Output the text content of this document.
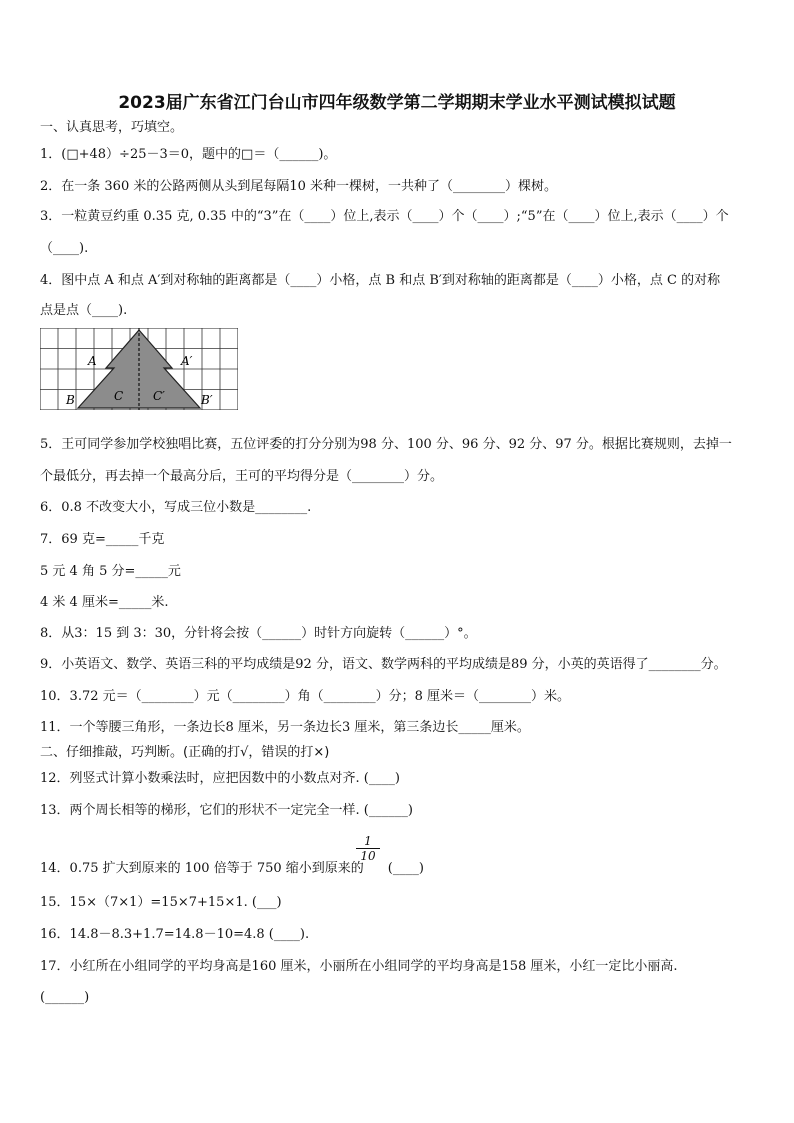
2023届广东省江门台山市四年级数学第二学期期末学业水平测试模拟试题
一、认真思考，巧填空。
1．(□+48）÷25－3＝0，题中的□＝（______)。
2．在一条 360 米的公路两侧从头到尾每隔10 米种一棵树，一共种了（________）棵树。
3．一粒黄豆约重 0.35 克, 0.35 中的“3”在（____）位上,表示（____）个（____）;“5”在（____）位上,表示（____）个
（____).
4．图中点 A 和点 A′到对称轴的距离都是（____）小格，点 B 和点 B′到对称轴的距离都是（____）小格，点 C 的对称
点是点（____).
A	A′
B	B′
C C′
5．王可同学参加学校独唱比赛，五位评委的打分分别为98 分、100 分、96 分、92 分、97 分。根据比赛规则，去掉一
个最低分，再去掉一个最高分后，王可的平均得分是（________）分。
6．0.8 不改变大小，写成三位小数是________.
7．69 克=_____千克
5 元 4 角 5 分=_____元
4 米 4 厘米=_____米.
8．从3：15 到 3：30，分针将会按（______）时针方向旋转（______）°。
9．小英语文、数学、英语三科的平均成绩是92 分，语文、数学两科的平均成绩是89 分，小英的英语得了________分。
10．3.72 元＝（________）元（________）角（________）分；8 厘米＝（________）米。
11．一个等腰三角形，一条边长8 厘米，另一条边长3 厘米，第三条边长_____厘米。
二、仔细推敲，巧判断。(正确的打√，错误的打×)
12．列竖式计算小数乘法时，应把因数中的小数点对齐. (____)
13．两个周长相等的梯形，它们的形状不一定完全一样. (______)
14．0.75 扩大到原来的 100 倍等于 750 缩小到原来的 (____)
$\frac{1}{10}$
15．15×（7×1）=15×7+15×1. (___)
16．14.8－8.3+1.7=14.8－10=4.8 (____).
17．小红所在小组同学的平均身高是160 厘米，小丽所在小组同学的平均身高是158 厘米，小红一定比小丽高.
(______)
